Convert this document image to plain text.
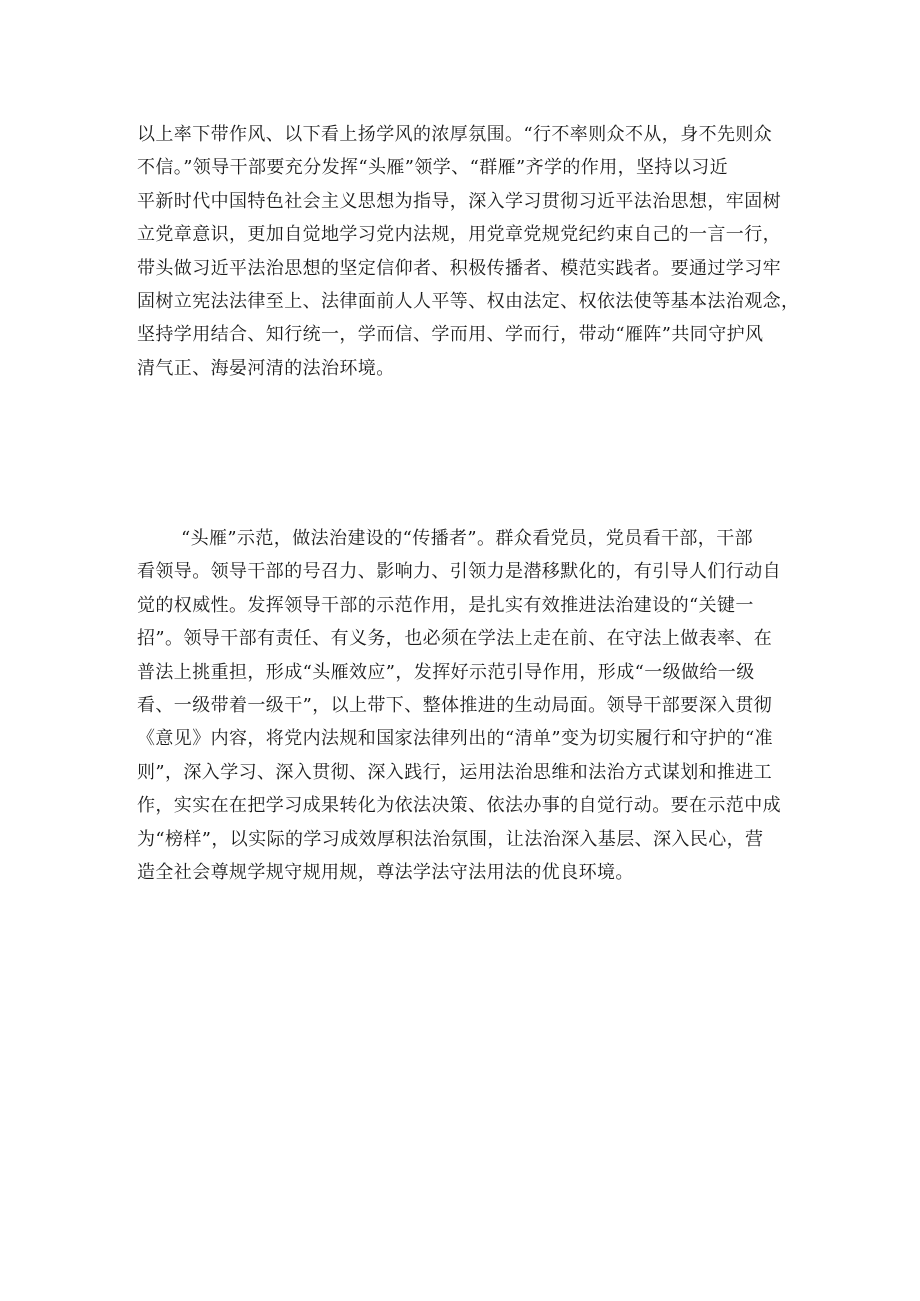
以上率下带作风、以下看上扬学风的浓厚氛围。“行不率则众不从，身不先则众
不信。”领导干部要充分发挥“头雁”领学、“群雁”齐学的作用，坚持以习近
平新时代中国特色社会主义思想为指导，深入学习贯彻习近平法治思想，牢固树
立党章意识，更加自觉地学习党内法规，用党章党规党纪约束自己的一言一行，
带头做习近平法治思想的坚定信仰者、积极传播者、模范实践者。要通过学习牢
固树立宪法法律至上、法律面前人人平等、权由法定、权依法使等基本法治观念，
坚持学用结合、知行统一，学而信、学而用、学而行，带动“雁阵”共同守护风
清气正、海晏河清的法治环境。
“头雁”示范，做法治建设的“传播者”。群众看党员，党员看干部，干部
看领导。领导干部的号召力、影响力、引领力是潜移默化的，有引导人们行动自
觉的权威性。发挥领导干部的示范作用，是扎实有效推进法治建设的“关键一
招”。领导干部有责任、有义务，也必须在学法上走在前、在守法上做表率、在
普法上挑重担，形成“头雁效应”，发挥好示范引导作用，形成“一级做给一级
看、一级带着一级干”，以上带下、整体推进的生动局面。领导干部要深入贯彻
《意见》内容，将党内法规和国家法律列出的“清单”变为切实履行和守护的“准
则”，深入学习、深入贯彻、深入践行，运用法治思维和法治方式谋划和推进工
作，实实在在把学习成果转化为依法决策、依法办事的自觉行动。要在示范中成
为“榜样”，以实际的学习成效厚积法治氛围，让法治深入基层、深入民心，营
造全社会尊规学规守规用规，尊法学法守法用法的优良环境。
